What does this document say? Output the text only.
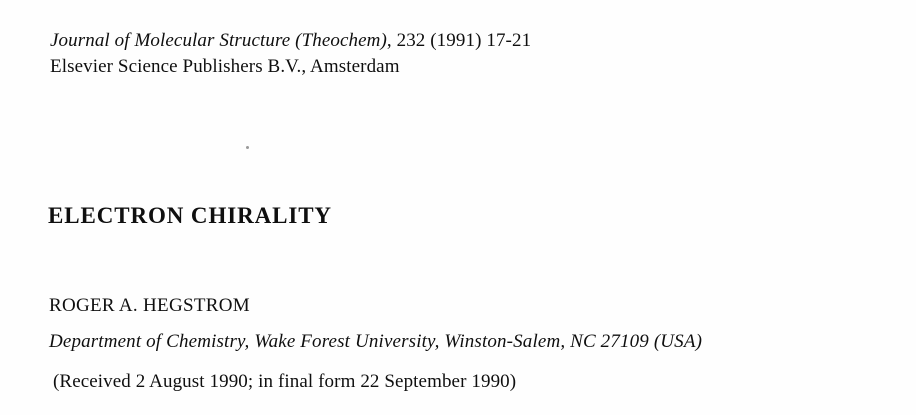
Journal of Molecular Structure (Theochem), 232 (1991) 17-21
Elsevier Science Publishers B.V., Amsterdam
ELECTRON CHIRALITY
ROGER A. HEGSTROM
Department of Chemistry, Wake Forest University, Winston-Salem, NC 27109 (USA)
(Received 2 August 1990; in final form 22 September 1990)
